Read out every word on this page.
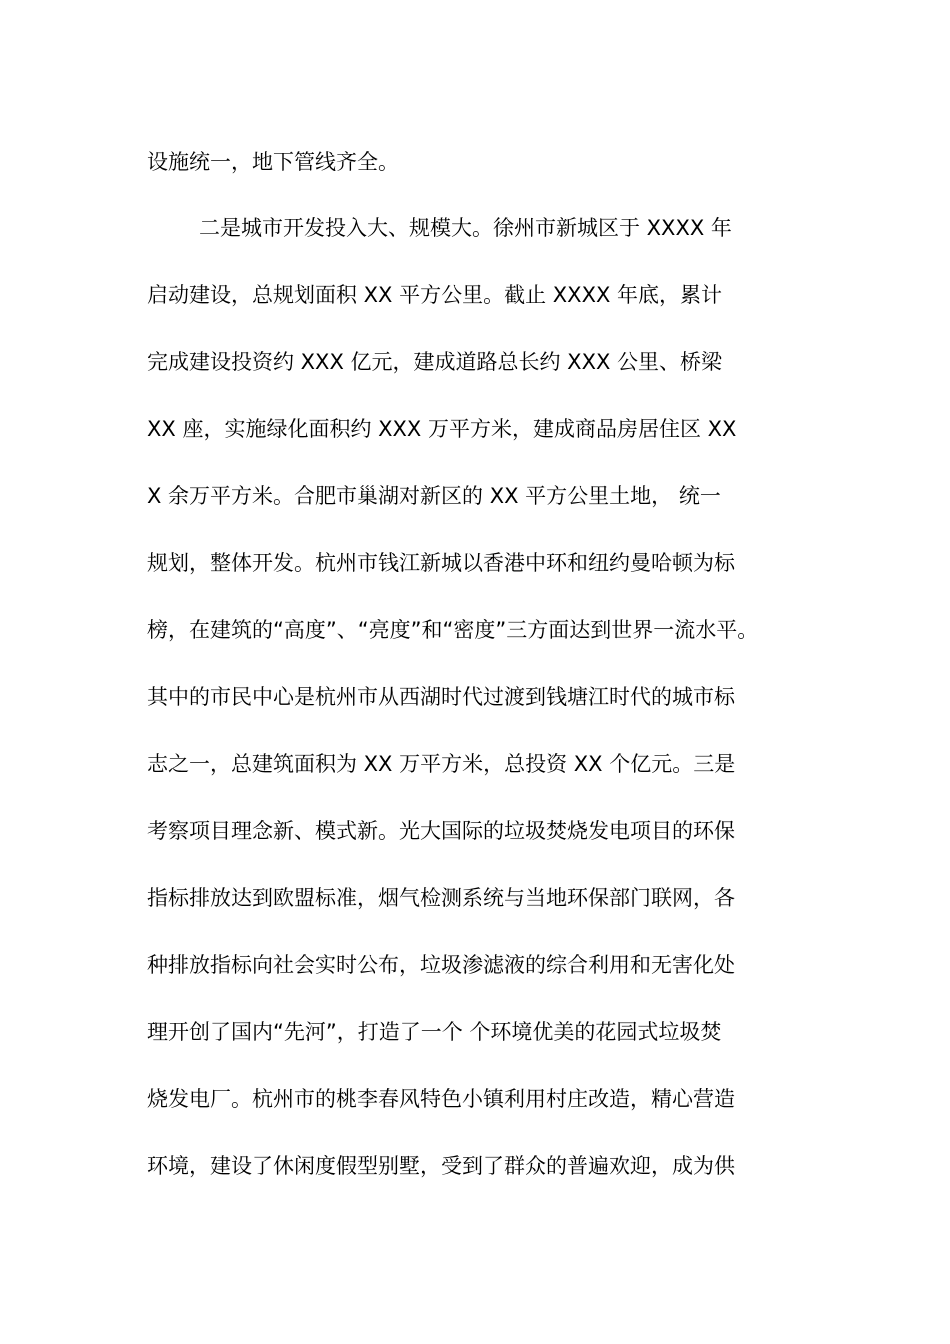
设施统一，地下管线齐全。
二是城市开发投入大、规模大。徐州市新城区于 XXXX 年
启动建设，总规划面积 XX 平方公里。截止 XXXX 年底，累计
完成建设投资约 XXX 亿元，建成道路总长约 XXX 公里、桥梁
XX 座，实施绿化面积约 XXX 万平方米，建成商品房居住区 XX
X 余万平方米。合肥市巢湖对新区的 XX 平方公里土地， 统一
规划，整体开发。杭州市钱江新城以香港中环和纽约曼哈顿为标
榜，在建筑的“高度”、“亮度”和“密度”三方面达到世界一流水平。
其中的市民中心是杭州市从西湖时代过渡到钱塘江时代的城市标
志之一，总建筑面积为 XX 万平方米，总投资 XX 个亿元。三是
考察项目理念新、模式新。光大国际的垃圾焚烧发电项目的环保
指标排放达到欧盟标准，烟气检测系统与当地环保部门联网，各
种排放指标向社会实时公布，垃圾渗滤液的综合利用和无害化处
理开创了国内“先河”，打造了一个 个环境优美的花园式垃圾焚
烧发电厂。杭州市的桃李春风特色小镇利用村庄改造，精心营造
环境，建设了休闲度假型别墅，受到了群众的普遍欢迎，成为供
